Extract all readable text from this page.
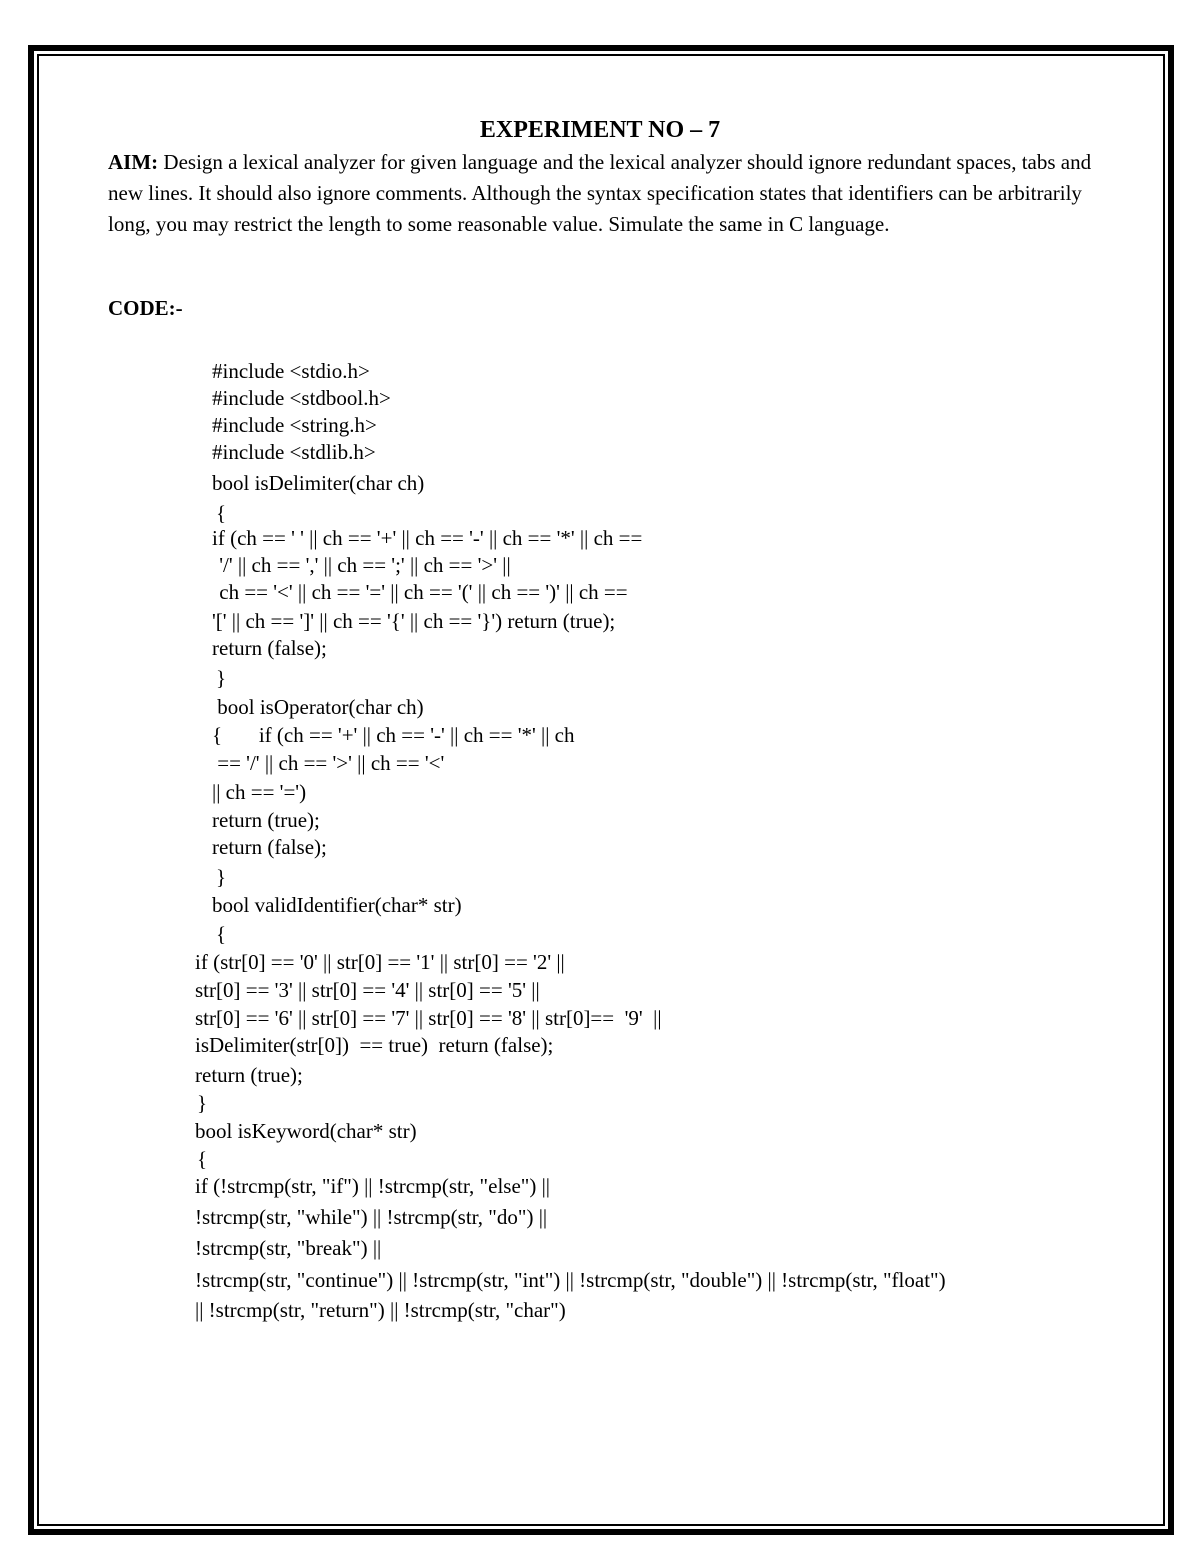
EXPERIMENT NO – 7
AIM: Design a lexical analyzer for given language and the lexical analyzer should ignore redundant spaces, tabs and new lines. It should also ignore comments. Although the syntax specification states that identifiers can be arbitrarily long, you may restrict the length to some reasonable value. Simulate the same in C language.
CODE:-
#include <stdio.h>
#include <stdbool.h>
#include <string.h>
#include <stdlib.h>
bool isDelimiter(char ch)
{
if (ch == ' ' || ch == '+' || ch == '-' || ch == '*' || ch ==
'/' || ch == ',' || ch == ';' || ch == '>' ||
ch == '<' || ch == '=' || ch == '(' || ch == ')' || ch ==
'[' || ch == ']' || ch == '{' || ch == '}') return (true);
return (false);
}
bool isOperator(char ch)
{       if (ch == '+' || ch == '-' || ch == '*' || ch
== '/' || ch == '>' || ch == '<'
|| ch == '=')
return (true);
return (false);
}
bool validIdentifier(char* str)
{
if (str[0] == '0' || str[0] == '1' || str[0] == '2' ||
str[0] == '3' || str[0] == '4' || str[0] == '5' ||
str[0] == '6' || str[0] == '7' || str[0] == '8' || str[0]==  '9'  ||
isDelimiter(str[0])  == true)  return (false);
return (true);
}
bool isKeyword(char* str)
{
if (!strcmp(str, "if") || !strcmp(str, "else") ||
!strcmp(str, "while") || !strcmp(str, "do") ||
!strcmp(str, "break") ||
!strcmp(str, "continue") || !strcmp(str, "int") || !strcmp(str, "double") || !strcmp(str, "float")
|| !strcmp(str, "return") || !strcmp(str, "char")
